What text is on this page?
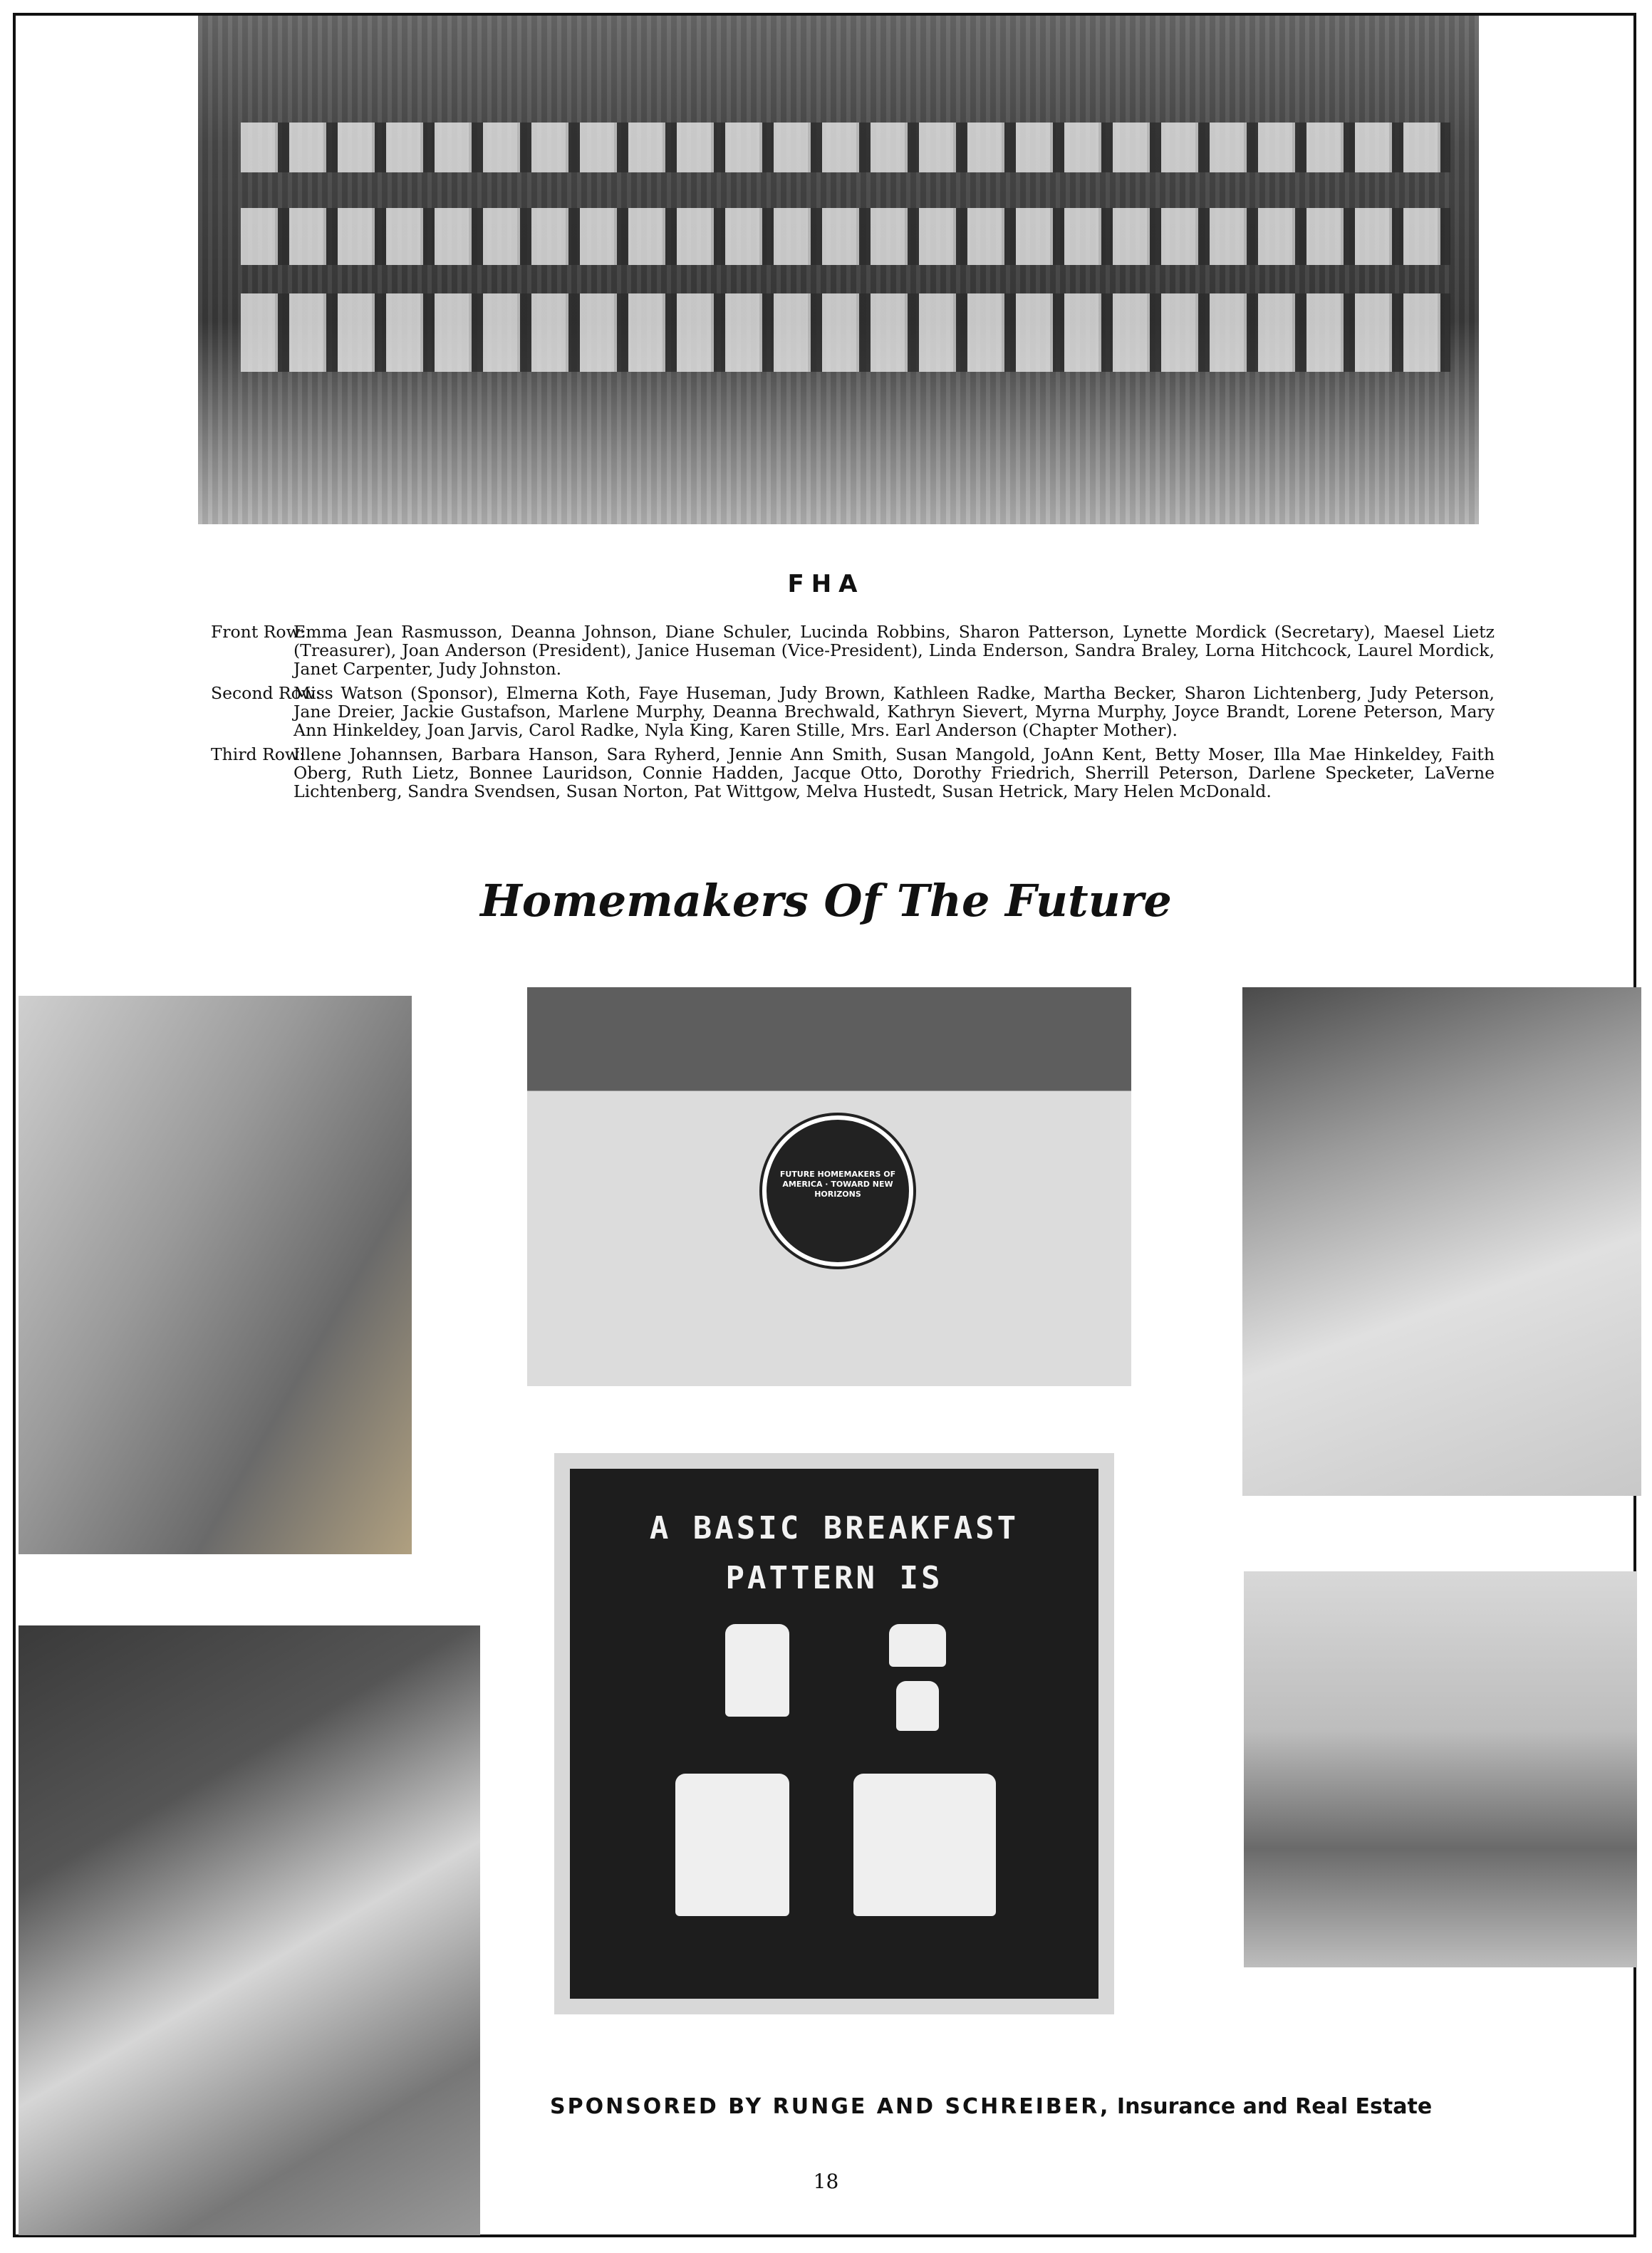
FHA
Front Row:
Emma Jean Rasmusson, Deanna Johnson, Diane Schuler, Lucinda Robbins, Sharon Patterson, Lynette Mordick (Secretary), Maesel Lietz (Treasurer), Joan Anderson (President), Janice Huseman (Vice-President), Linda Enderson, Sandra Braley, Lorna Hitchcock, Laurel Mordick, Janet Carpenter, Judy Johnston.
Second Row:
Miss Watson (Sponsor), Elmerna Koth, Faye Huseman, Judy Brown, Kathleen Radke, Martha Becker, Sharon Lichtenberg, Judy Peterson, Jane Dreier, Jackie Gustafson, Marlene Murphy, Deanna Brechwald, Kathryn Sievert, Myrna Murphy, Joyce Brandt, Lorene Peterson, Mary Ann Hinkeldey, Joan Jarvis, Carol Radke, Nyla King, Karen Stille, Mrs. Earl Anderson (Chapter Mother).
Third Row:
Illene Johannsen, Barbara Hanson, Sara Ryherd, Jennie Ann Smith, Susan Mangold, JoAnn Kent, Betty Moser, Illa Mae Hinkeldey, Faith Oberg, Ruth Lietz, Bonnee Lauridson, Connie Hadden, Jacque Otto, Dorothy Friedrich, Sherrill Peterson, Darlene Specketer, LaVerne Lichtenberg, Sandra Svendsen, Susan Norton, Pat Wittgow, Melva Hustedt, Susan Hetrick, Mary Helen McDonald.
Homemakers Of The Future
FUTURE HOMEMAKERS OF AMERICA · TOWARD NEW HORIZONS
A BASIC BREAKFAST
PATTERN IS
SPONSORED BY RUNGE AND SCHREIBER, Insurance and Real Estate
18
